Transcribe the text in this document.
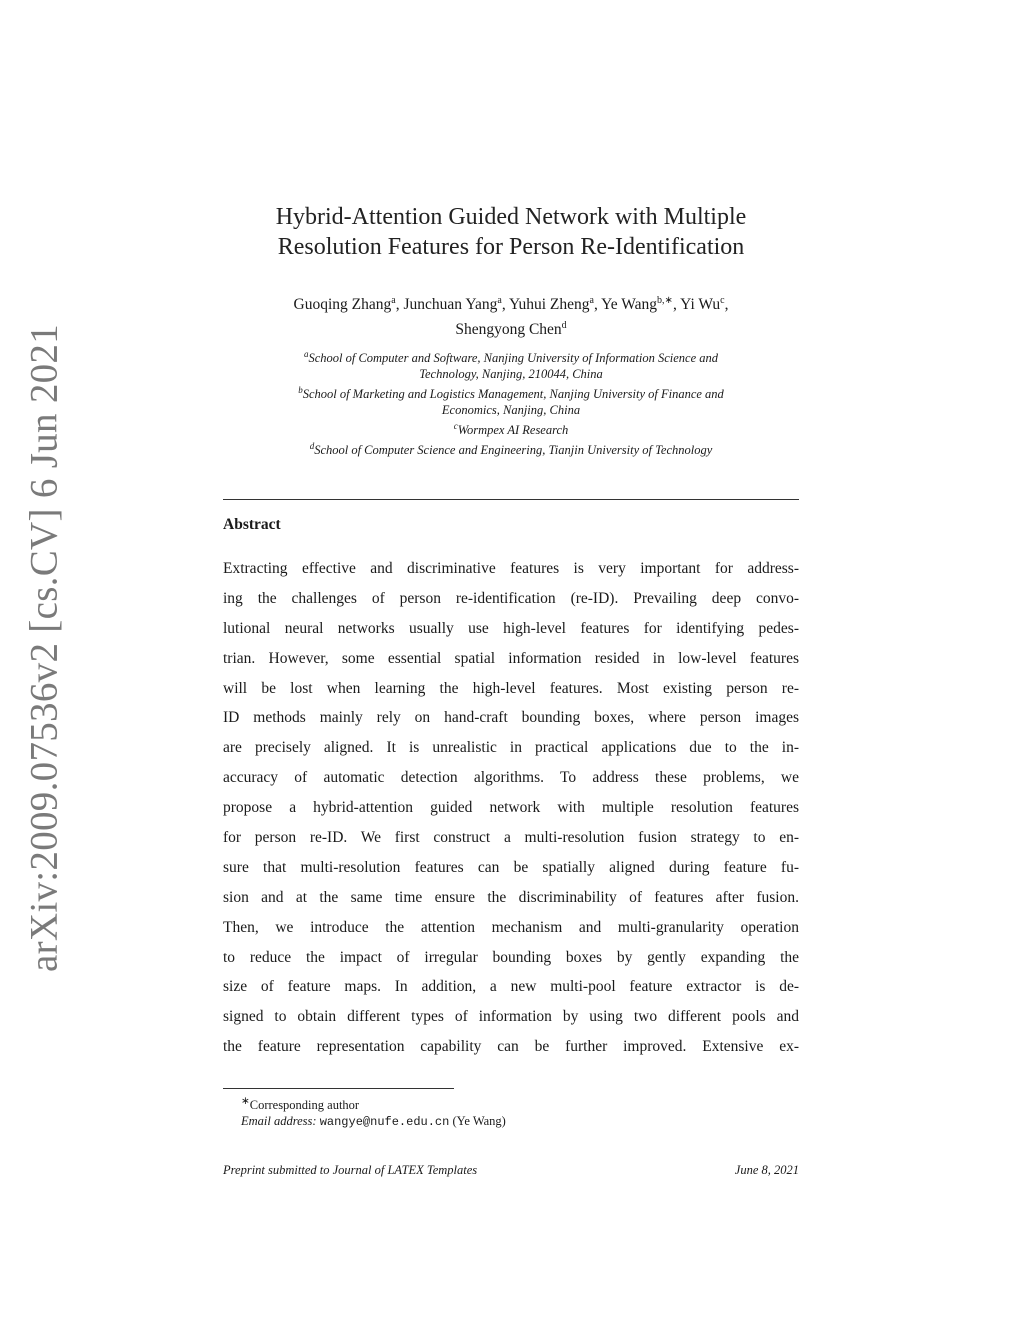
arXiv:2009.07536v2 [cs.CV] 6 Jun 2021
Hybrid-Attention Guided Network with Multiple
Resolution Features for Person Re-Identification
Guoqing Zhang$^a$, Junchuan Yang$^a$, Yuhui Zheng$^a$, Ye Wang$^{b,∗}$, Yi Wu$^c$,
Shengyong Chen$^d$
$^a$School of Computer and Software, Nanjing University of Information Science and
Technology, Nanjing, 210044, China
$^b$School of Marketing and Logistics Management, Nanjing University of Finance and
Economics, Nanjing, China
$^c$Wormpex AI Research
$^d$School of Computer Science and Engineering, Tianjin University of Technology
Abstract
Extracting effective and discriminative features is very important for address-
ing the challenges of person re-identification (re-ID). Prevailing deep convo-
lutional neural networks usually use high-level features for identifying pedes-
trian. However, some essential spatial information resided in low-level features
will be lost when learning the high-level features. Most existing person re-
ID methods mainly rely on hand-craft bounding boxes, where person images
are precisely aligned. It is unrealistic in practical applications due to the in-
accuracy of automatic detection algorithms. To address these problems, we
propose a hybrid-attention guided network with multiple resolution features
for person re-ID. We first construct a multi-resolution fusion strategy to en-
sure that multi-resolution features can be spatially aligned during feature fu-
sion and at the same time ensure the discriminability of features after fusion.
Then, we introduce the attention mechanism and multi-granularity operation
to reduce the impact of irregular bounding boxes by gently expanding the
size of feature maps. In addition, a new multi-pool feature extractor is de-
signed to obtain different types of information by using two different pools and
the feature representation capability can be further improved. Extensive ex-
∗Corresponding author
Email address: wangye@nufe.edu.cn (Ye Wang)
Preprint submitted to Journal of LATEX Templates	June 8, 2021
